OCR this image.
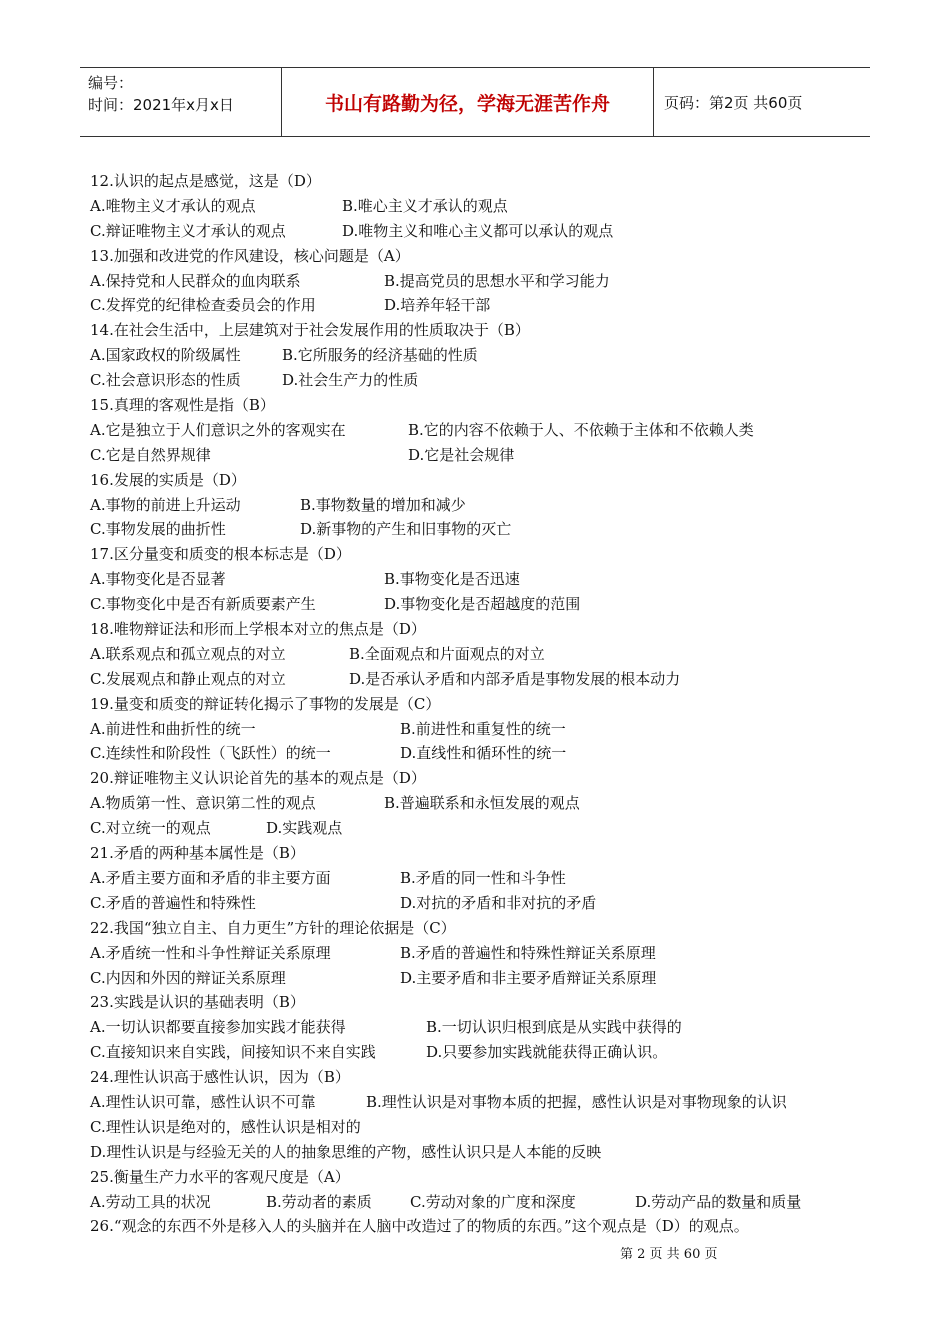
编号：
时间：2021年x月x日	书山有路勤为径，学海无涯苦作舟	页码：第2页 共60页
12.认识的起点是感觉，这是（D）
A.唯物主义才承认的观点	B.唯心主义才承认的观点
C.辩证唯物主义才承认的观点	D.唯物主义和唯心主义都可以承认的观点
13.加强和改进党的作风建设，核心问题是（A）
A.保持党和人民群众的血肉联系	B.提高党员的思想水平和学习能力
C.发挥党的纪律检查委员会的作用	D.培养年轻干部
14.在社会生活中，上层建筑对于社会发展作用的性质取决于（B）
A.国家政权的阶级属性	B.它所服务的经济基础的性质
C.社会意识形态的性质	D.社会生产力的性质
15.真理的客观性是指（B）
A.它是独立于人们意识之外的客观实在	B.它的内容不依赖于人、不依赖于主体和不依赖人类
C.它是自然界规律	D.它是社会规律
16.发展的实质是（D）
A.事物的前进上升运动	B.事物数量的增加和减少
C.事物发展的曲折性	D.新事物的产生和旧事物的灭亡
17.区分量变和质变的根本标志是（D）
A.事物变化是否显著	B.事物变化是否迅速
C.事物变化中是否有新质要素产生	D.事物变化是否超越度的范围
18.唯物辩证法和形而上学根本对立的焦点是（D）
A.联系观点和孤立观点的对立	B.全面观点和片面观点的对立
C.发展观点和静止观点的对立	D.是否承认矛盾和内部矛盾是事物发展的根本动力
19.量变和质变的辩证转化揭示了事物的发展是（C）
A.前进性和曲折性的统一	B.前进性和重复性的统一
C.连续性和阶段性（飞跃性）的统一	D.直线性和循环性的统一
20.辩证唯物主义认识论首先的基本的观点是（D）
A.物质第一性、意识第二性的观点	B.普遍联系和永恒发展的观点
C.对立统一的观点	D.实践观点
21.矛盾的两种基本属性是（B）
A.矛盾主要方面和矛盾的非主要方面	B.矛盾的同一性和斗争性
C.矛盾的普遍性和特殊性	D.对抗的矛盾和非对抗的矛盾
22.我国“独立自主、自力更生”方针的理论依据是（C）
A.矛盾统一性和斗争性辩证关系原理	B.矛盾的普遍性和特殊性辩证关系原理
C.内因和外因的辩证关系原理	D.主要矛盾和非主要矛盾辩证关系原理
23.实践是认识的基础表明（B）
A.一切认识都要直接参加实践才能获得	B.一切认识归根到底是从实践中获得的
C.直接知识来自实践，间接知识不来自实践	D.只要参加实践就能获得正确认识。
24.理性认识高于感性认识，因为（B）
A.理性认识可靠，感性认识不可靠	B.理性认识是对事物本质的把握，感性认识是对事物现象的认识
C.理性认识是绝对的，感性认识是相对的
D.理性认识是与经验无关的人的抽象思维的产物，感性认识只是人本能的反映
25.衡量生产力水平的客观尺度是（A）
A.劳动工具的状况	B.劳动者的素质	C.劳动对象的广度和深度	D.劳动产品的数量和质量
26.“观念的东西不外是移入人的头脑并在人脑中改造过了的物质的东西。”这个观点是（D）的观点。
第 2 页 共 60 页
